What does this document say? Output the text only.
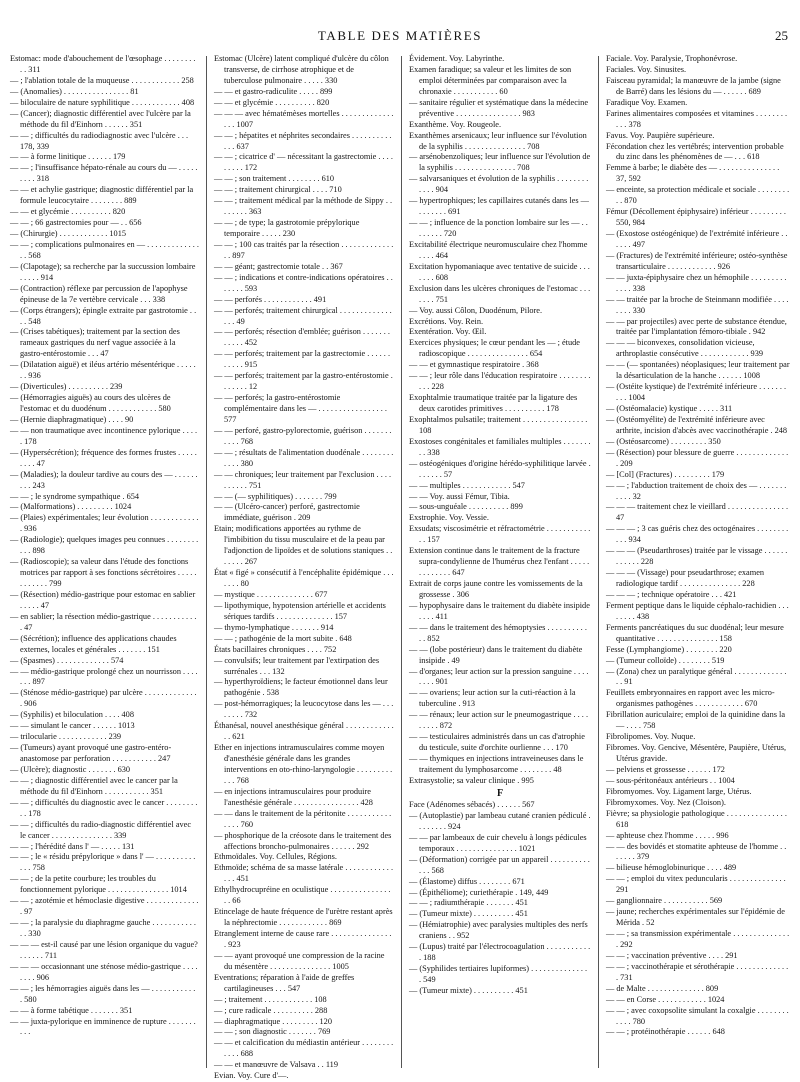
TABLE DES MATIÈRES	25

Estomac: mode d'abouchement de l'œsophage . . . . . . . . . . 311

— ; l'ablation totale de la muqueuse . . . . . . . . . . . . 258

— (Anomalies) . . . . . . . . . . . . . . . . 81

— biloculaire de nature syphilitique . . . . . . . . . . . . 408

— (Cancer); diagnostic différentiel avec l'ulcère par la méthode du fil d'Einhorn . . . . . . 351

— — ; difficultés du radiodiagnostic avec l'ulcère . . . 178, 339

— — à forme linitique . . . . . . 179

— — ; l'insuffisance hépato-rénale au cours du — . . . . . . . . . 318

— — et achylie gastrique; diagnostic différentiel par la formule leucocytaire . . . . . . . . 889

— — et glycémie . . . . . . . . . . 820

— — ; 66 gastrectomies pour — . . 656

— (Chirurgie) . . . . . . . . . . . . 1015

— — ; complications pulmonaires en — . . . . . . . . . . . . . . . 568

— (Clapotage); sa recherche par la succussion lombaire . . . . . 914

— (Contraction) réflexe par percussion de l'apophyse épineuse de la 7e vertèbre cervicale . . . 338

— (Corps étrangers); épingle extraite par gastrotomie . . . . 548

— (Crises tabétiques); traitement par la section des rameaux gastriques du nerf vague associée à la gastro-entérostomie . . . 47

— (Dilatation aiguë) et iléus artério mésentérique . . . . . . . 936

— (Diverticules) . . . . . . . . . . 239

— (Hémorragies aiguës) au cours des ulcères de l'estomac et du duodénum . . . . . . . . . . . . 580

— (Hernie diaphragmatique) . . . . 90

— — non traumatique avec incontinence pylorique . . . . . 178

— (Hypersécrétion); fréquence des formes frustes . . . . . . . . . 47

— (Maladies); la douleur tardive au cours des — . . . . . . . . . 243

— — ; le syndrome sympathique . 654

— (Malformations) . . . . . . . . . 1024

— (Plaies) expérimentales; leur évolution . . . . . . . . . . . . . 936

— (Radiologie); quelques images peu connues . . . . . . . . . . . 898

— (Radioscopie); sa valeur dans l'étude des fonctions motrices par rapport à ses fonctions sécrétoires . . . . . . . . . . . . 799

— (Résection) médio-gastrique pour estomac en sablier . . . . . 47

— en sablier; la résection médio-gastrique . . . . . . . . . . . . 47

— (Sécrétion); influence des applications chaudes externes, locales et générales . . . . . . . 151

— (Spasmes) . . . . . . . . . . . . . 574

— — médio-gastrique prolongé chez un nourrisson . . . . . . . 897

— (Sténose médio-gastrique) par ulcère . . . . . . . . . . . . . . 906

— (Syphilis) et biloculation . . . . 408

— — simulant le cancer . . . . . . 1013

— trilocularie . . . . . . . . . . . . 239

— (Tumeurs) ayant provoqué une gastro-entéro-anastomose par perforation . . . . . . . . . . . 247

— (Ulcère); diagnostic . . . . . . . 630

— — ; diagnostic différentiel avec le cancer par la méthode du fil d'Einhorn . . . . . . . . . . . 351

— — ; difficultés du diagnostic avec le cancer . . . . . . . . . . 178

— — ; difficultés du radio-diagnostic différentiel avec le cancer . . . . . . . . . . . . . . . 339

— — ; l'hérédité dans l' — . . . . . 131

— — ; le « résidu prépylorique » dans l' — . . . . . . . . . . . . . 758

— — ; de la petite courbure; les troubles du fonctionnement pylorique . . . . . . . . . . . . . . . 1014

— — ; azotémie et hémoclasie digestive . . . . . . . . . . . . . . 97

— — ; la paralysie du diaphragme gauche . . . . . . . . . . . . . 330

— — — est-il causé par une lésion organique du vague? . . . . . . 711

— — — occasionnant une sténose médio-gastrique . . . . . . . . 906

— — ; les hémorragies aiguës dans les — . . . . . . . . . . . . 580

— — à forme tabétique . . . . . . . 351

— — juxta-pylorique en imminence de rupture . . . . . . . . . .

Estomac (Ulcère) latent compliqué d'ulcère du côlon transverse, de cirrhose atrophique et de tuberculose pulmonaire . . . . . 330

— — et gastro-radiculite . . . . . 899

— — et glycémie . . . . . . . . . . 820

— — — avec hématémèses mortelles . . . . . . . . . . . . . . . . 1007

— — ; hépatites et néphrites secondaires . . . . . . . . . . . . . 637

— — ; cicatrice d' — nécessitant la gastrectomie . . . . . . . . . 172

— — ; son traitement . . . . . . . . 610

— — ; traitement chirurgical . . . . 710

— — ; traitement médical par la méthode de Sippy . . . . . . . . 363

— — ; de type; la gastrotomie prépylorique temporaire . . . . . 230

— — ; 100 cas traités par la résection . . . . . . . . . . . . . . . 897

— — géant; gastrectomie totale . . 367

— — ; indications et contre-indications opératoires . . . . . . . 593

— — perforés . . . . . . . . . . . . 491

— — perforés; traitement chirurgical . . . . . . . . . . . . . . . . 49

— — perforés; résection d'emblée; guérison . . . . . . . . . . . . 452

— — perforés; traitement par la gastrectomie . . . . . . . . . . . 915

— — perforés; traitement par la gastro-entérostomie . . . . . . . 12

— — perforés; la gastro-entérostomie complémentaire dans les — . . . . . . . . . . . . . . . . . 577

— — perforé, gastro-pylorectomie, guérison . . . . . . . . . . . 768

— — ; résultats de l'alimentation duodénale . . . . . . . . . . . . 380

— — chroniques; leur traitement par l'exclusion . . . . . . . . . . 751

— — (— syphilitiques) . . . . . . . 799

— — (Ulcéro-cancer) perforé, gastrectomie immédiate, guérison . 209

Etain; modifications apportées au rythme de l'imbibition du tissu musculaire et de la peau par l'adjonction de lipoïdes et de solutions staniques . . . . . . . 267

État « figé » consécutif à l'encéphalite épidémique . . . . . . . 80

— mystique . . . . . . . . . . . . . . 677

— lipothymique, hypotension artérielle et accidents sériques tardifs . . . . . . . . . . . . . . 157

— thymo-lymphatique . . . . . . . 914

— — ; pathogénie de la mort subite . 648

États bacillaires chroniques . . . . 752

— convulsifs; leur traitement par l'extirpation des surrénales . . . 132

— hyperthyroïdiens; le facteur émotionnel dans leur pathogénie . 538

— post-hémorragiques; la leucocytose dans les — . . . . . . . . 732

Éthanésal, nouvel anesthésique général . . . . . . . . . . . . . . 621

Ether en injections intramusculaires comme moyen d'anesthésie générale dans les grandes interventions en oto-rhino-laryngologie . . . . . . . . . . . . 768

— en injections intramusculaires pour produire l'anesthésie générale . . . . . . . . . . . . . . . . 428

— — dans le traitement de la péritonite . . . . . . . . . . . . . . . 760

— phosphorique de la créosote dans le traitement des affections broncho-pulmonaires . . . . . . 292

Ethmoïdales. Voy. Cellules, Régions.

Ethmoïde; schéma de sa masse latérale . . . . . . . . . . . . . . . 451

Ethylhydrocupréine en oculistique . . . . . . . . . . . . . . . . . 66

Etincelage de haute fréquence de l'urètre restant après la néphrectomie . . . . . . . . . . . . 869

Etranglement interne de cause rare . . . . . . . . . . . . . . . . 923

— — ayant provoqué une compression de la racine du mésentère . . . . . . . . . . . . . . . 1005

Eventrations; réparation à l'aide de greffes cartilagineuses . . . 547

— ; traitement . . . . . . . . . . . . 108

— ; cure radicale . . . . . . . . . . 288

— diaphragmatique . . . . . . . . . 120

— — ; son diagnostic . . . . . . . 769

— — et calcification du médiastin antérieur . . . . . . . . . . . . 688

— — et manœuvre de Valsava . . 119

Evian. Voy. Cure d'—.

Évidement. Voy. Labyrinthe.

Examen faradique; sa valeur et les limites de son emploi déterminées par comparaison avec la chronaxie . . . . . . . . . . . 60

— sanitaire régulier et systématique dans la médecine préventive . . . . . . . . . . . . . . . . 983

Exanthème. Voy. Rougeole.

Exanthèmes arsenicaux; leur influence sur l'évolution de la syphilis . . . . . . . . . . . . . . . 708

— arsénobenzoliques; leur influence sur l'évolution de la syphilis . . . . . . . . . . . . . . . 708

— salvarsaniques et évolution de la syphilis . . . . . . . . . . . . 904

— hypertrophiques; les capillaires cutanés dans les — . . . . . . . 691

— — ; influence de la ponction lombaire sur les — . . . . . . . . 720

Excitabilité électrique neuromusculaire chez l'homme . . . . 464

Excitation hypomaniaque avec tentative de suicide . . . . . . . 608

Exclusion dans les ulcères chroniques de l'estomac . . . . . . . 751

— Voy. aussi Côlon, Duodénum, Pilore.

Excrétions. Voy. Rein.

Exentération. Voy. Œil.

Exercices physiques; le cœur pendant les — ; étude radioscopique . . . . . . . . . . . . . . . 654

— — et gymnastique respiratoire . 368

— — ; leur rôle dans l'éducation respiratoire . . . . . . . . . . . 228

Exophtalmie traumatique traitée par la ligature des deux carotides primitives . . . . . . . . . . 178

Exophtalmos pulsatile; traitement . . . . . . . . . . . . . . . . 108

Exostoses congénitales et familiales multiples . . . . . . . . . 338

— ostéogéniques d'origine hérédo-syphilitique larvée . . . . . . . 57

— — multiples . . . . . . . . . . . . 547

— — Voy. aussi Fémur, Tibia.

— sous-unguéale . . . . . . . . . . 899

Exstrophie. Voy. Vessie.

Exsudats; viscosimétrie et réfractométrie . . . . . . . . . . . . . 157

Extension continue dans le traitement de la fracture supra-condylienne de l'humérus chez l'enfant . . . . . . . . . . . . . 647

Extrait de corps jaune contre les vomissements de la grossesse . 306

— hypophysaire dans le traitement du diabète insipide . . . . 411

— — dans le traitement des hémoptysies . . . . . . . . . . . . 852

— — (lobe postérieur) dans le traitement du diabète insipide . 49

— d'organes; leur action sur la pression sanguine . . . . . . . . 901

— — ovariens; leur action sur la cuti-réaction à la tuberculine . 913

— — rénaux; leur action sur le pneumogastrique . . . . . . . . . 872

— — testiculaires administrés dans un cas d'atrophie du testicule, suite d'orchite ourlienne . . . 170

— — thymiques en injections intraveineuses dans le traitement du lymphosarcome . . . . . . . . 48

Extrasystolie; sa valeur clinique . 995

F

Face (Adénomes sébacés) . . . . . . 567

— (Autoplastie) par lambeau cutané cranien pédiculé . . . . . . . . 924

— — par lambeaux de cuir chevelu à longs pédicules temporaux . . . . . . . . . . . . . . . 1021

— (Déformation) corrigée par un appareil . . . . . . . . . . . . . 568

— (Élastome) diffus . . . . . . . . 671

— (Épithéliome); curiethérapie . 149, 449

— — ; radiumthérapie . . . . . . . 451

— (Tumeur mixte) . . . . . . . . . . 451

— (Hémiatrophie) avec paralysies multiples des nerfs craniens . . 952

— (Lupus) traité par l'électrocoagulation . . . . . . . . . . . . 188

— (Syphilides tertiaires lupiformes) . . . . . . . . . . . . . . . 549

— (Tumeur mixte) . . . . . . . . . . 451

Faciale. Voy. Paralysie, Trophonévrose.

Faciales. Voy. Sinusites.

Faisceau pyramidal; la manœuvre de la jambe (signe de Barré) dans les lésions du — . . . . . . 689

Faradique Voy. Examen.

Farines alimentaires composées et vitamines . . . . . . . . . . . 378

Favus. Voy. Paupière supérieure.

Fécondation chez les vertébrés; intervention probable du zinc dans les phénomènes de — . . . 618

Femme à barbe; le diabète des — . . . . . . . . . . . . . . . 37, 592

— enceinte, sa protection médicale et sociale . . . . . . . . . . 870

Fémur (Décollement épiphysaire) inférieur . . . . . . . . . 550, 984

— (Exostose ostéogénique) de l'extrémité inférieure . . . . . . 497

— (Fractures) de l'extrémité inférieure; ostéo-synthèse transarticulaire . . . . . . . . . . . . 926

— — juxta-épiphysaire chez un hémophile . . . . . . . . . . . . . 338

— — traitée par la broche de Steinmann modifiée . . . . . . . . 330

— — par projectiles) avec perte de substance étendue, traitée par l'implantation fémoro-tibiale . 942

— — — biconvexes, consolidation vicieuse, arthroplastie consécutive . . . . . . . . . . . . 939

— — (— spontanées) néoplasiques; leur traitement par la désarticulation de la hanche . . . . . . 1008

— (Ostéite kystique) de l'extrémité inférieure . . . . . . . . . . 1004

— (Ostéomalacie) kystique . . . . . 311

— (Ostéomyélite) de l'extrémité inférieure avec arthrite, incision d'abcès avec vaccinothérapie . 248

— (Ostéosarcome) . . . . . . . . . 350

— (Résection) pour blessure de guerre . . . . . . . . . . . . . . 209

— [Col] (Fractures) . . . . . . . . . 179

— — ; l'abduction traitement de choix des — . . . . . . . . . . . 32

— — — traitement chez le vieillard . . . . . . . . . . . . . . . 47

— — — ; 3 cas guéris chez des octogénaires . . . . . . . . . . . 934

— — — (Pseudarthroses) traitée par le vissage . . . . . . . . . . . . 228

— — — (Vissage) pour pseudarthrose; examen radiologique tardif . . . . . . . . . . . . . . . 228

— — — ; technique opératoire . . . 421

Ferment peptique dans le liquide céphalo-rachidien . . . . . . . . 438

Ferments pancréatiques du suc duodénal; leur mesure quantitative . . . . . . . . . . . . . . . 158

Fesse (Lymphangiome) . . . . . . . . 220

— (Tumeur colloïde) . . . . . . . . 519

— (Zona) chez un paralytique général . . . . . . . . . . . . . . . 91

Feuillets embryonnaires en rapport avec les micro-organismes pathogènes . . . . . . . . . . . . 670

Fibrillation auriculaire; emploi de la quinidine dans la — . . . . 758

Fibrolipomes. Voy. Nuque.

Fibromes. Voy. Gencive, Mésentère, Paupière, Utérus, Utérus gravide.

— pelviens et grossesse . . . . . . 172

— sous-péritonéaux antérieurs . . 1004

Fibromyomes. Voy. Ligament large, Utérus.

Fibromyxomes. Voy. Nez (Cloison).

Fièvre; sa physiologie pathologique . . . . . . . . . . . . . . . 618

— aphteuse chez l'homme . . . . . 996

— — des bovidés et stomatite aphteuse de l'homme . . . . . . . 379

— bilieuse hémoglobinurique . . . . 489

— — ; emploi du vitex peduncularis . . . . . . . . . . . . . . 291

— ganglionnaire . . . . . . . . . . . 569

— jaune; recherches expérimentales sur l'épidémie de Mérida . 52

— — ; sa transmission expérimentale . . . . . . . . . . . . . . . 292

— — ; vaccination préventive . . . . 291

— — ; vaccinothérapie et sérothérapie . . . . . . . . . . . . . . 731

— de Malte . . . . . . . . . . . . . . 809

— — en Corse . . . . . . . . . . . . 1024

— — ; avec coxopsolite simulant la coxalgie . . . . . . . . . . . . 780

— — ; protéinothérapie . . . . . . 648
